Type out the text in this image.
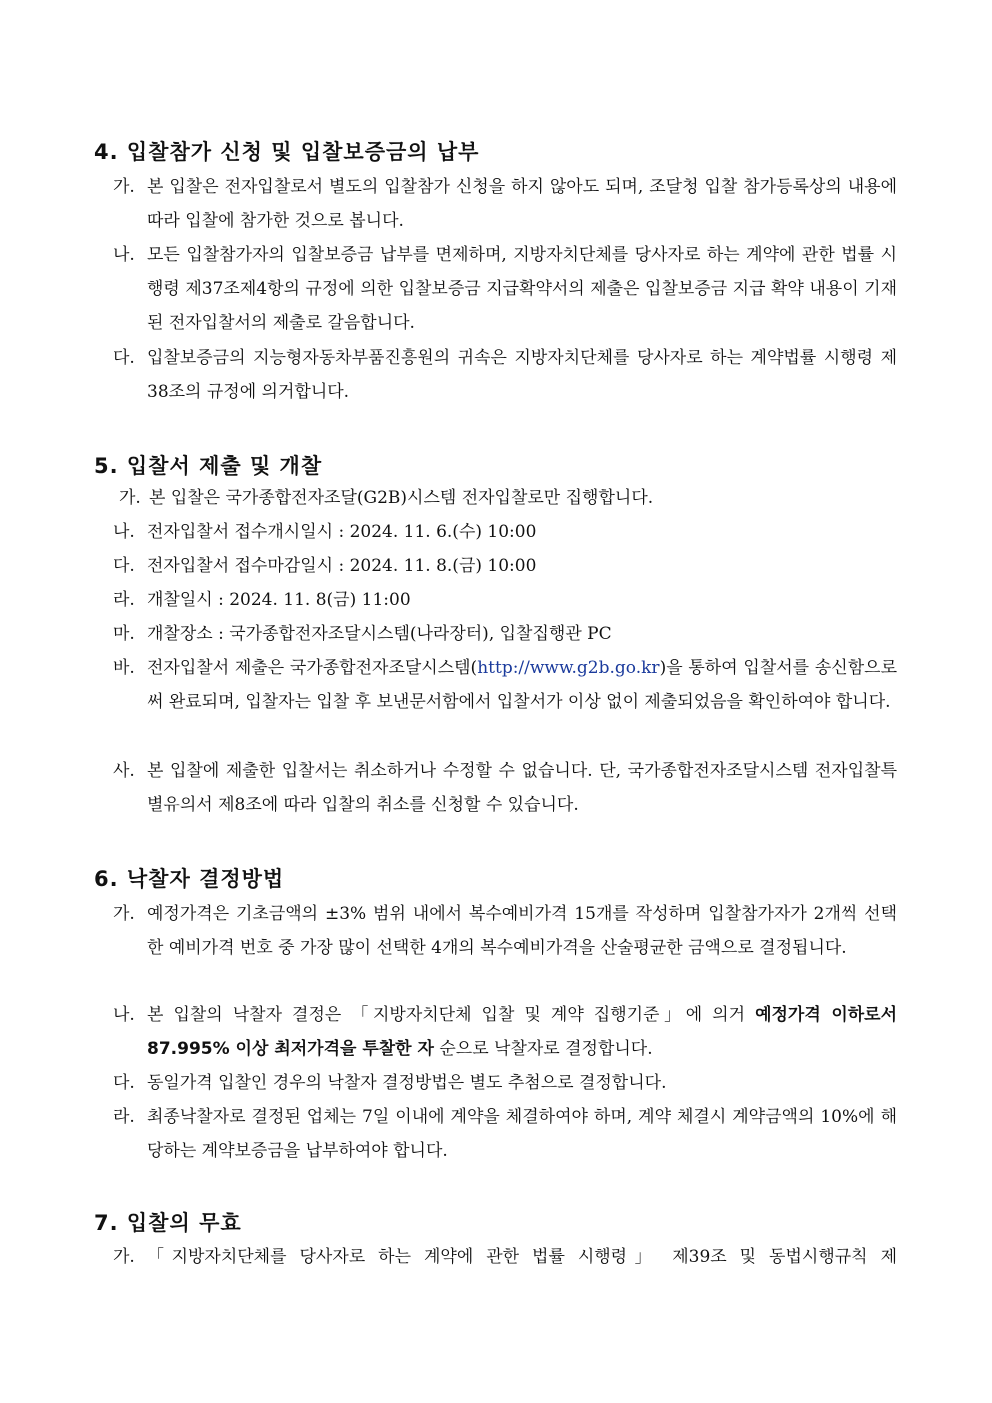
4. 입찰참가 신청 및 입찰보증금의 납부
가. 본 입찰은 전자입찰로서 별도의 입찰참가 신청을 하지 않아도 되며, 조달청 입찰 참가등록상의 내용에 따라 입찰에 참가한 것으로 봅니다.
나. 모든 입찰참가자의 입찰보증금 납부를 면제하며, 지방자치단체를 당사자로 하는 계약에 관한 법률 시행령 제37조제4항의 규정에 의한 입찰보증금 지급확약서의 제출은 입찰보증금 지급 확약 내용이 기재된 전자입찰서의 제출로 갈음합니다.
다. 입찰보증금의 지능형자동차부품진흥원의 귀속은 지방자치단체를 당사자로 하는 계약법률 시행령 제38조의 규정에 의거합니다.
5. 입찰서 제출 및 개찰
가. 본 입찰은 국가종합전자조달(G2B)시스템 전자입찰로만 집행합니다.
나. 전자입찰서 접수개시일시 : 2024. 11. 6.(수) 10:00
다. 전자입찰서 접수마감일시 : 2024. 11. 8.(금) 10:00
라. 개찰일시 : 2024. 11. 8(금) 11:00
마. 개찰장소 : 국가종합전자조달시스템(나라장터), 입찰집행관 PC
바. 전자입찰서 제출은 국가종합전자조달시스템(http://www.g2b.go.kr)을 통하여 입찰서를 송신함으로써 완료되며, 입찰자는 입찰 후 보낸문서함에서 입찰서가 이상 없이 제출되었음을 확인하여야 합니다.
사. 본 입찰에 제출한 입찰서는 취소하거나 수정할 수 없습니다. 단, 국가종합전자조달시스템 전자입찰특별유의서 제8조에 따라 입찰의 취소를 신청할 수 있습니다.
6. 낙찰자 결정방법
가. 예정가격은 기초금액의 ±3% 범위 내에서 복수예비가격 15개를 작성하며 입찰참가자가 2개씩 선택한 예비가격 번호 중 가장 많이 선택한 4개의 복수예비가격을 산술평균한 금액으로 결정됩니다.
나. 본 입찰의 낙찰자 결정은 「지방자치단체 입찰 및 계약 집행기준」에 의거 예정가격 이하로서 87.995% 이상 최저가격을 투찰한 자 순으로 낙찰자로 결정합니다.
다. 동일가격 입찰인 경우의 낙찰자 결정방법은 별도 추첨으로 결정합니다.
라. 최종낙찰자로 결정된 업체는 7일 이내에 계약을 체결하여야 하며, 계약 체결시 계약금액의 10%에 해당하는 계약보증금을 납부하여야 합니다.
7. 입찰의 무효
가. 「지방자치단체를 당사자로 하는 계약에 관한 법률 시행령」 제39조 및 동법시행규칙 제
